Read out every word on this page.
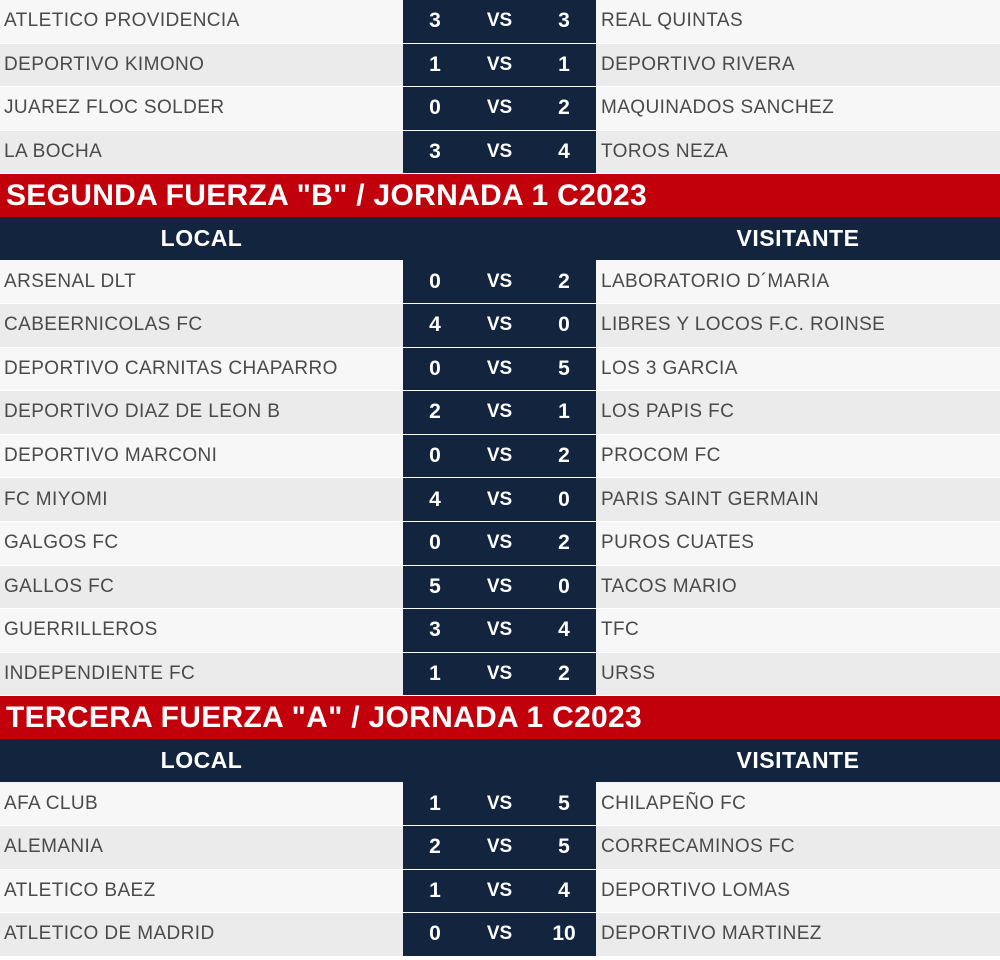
ATLETICO PROVIDENCIA	3	VS	3	REAL QUINTAS
DEPORTIVO KIMONO	1	VS	1	DEPORTIVO RIVERA
JUAREZ FLOC SOLDER	0	VS	2	MAQUINADOS SANCHEZ
LA BOCHA	3	VS	4	TOROS NEZA
SEGUNDA FUERZA "B" / JORNADA 1 C2023
LOCAL	VISITANTE
ARSENAL DLT	0	VS	2	LABORATORIO D´MARIA
CABEERNICOLAS FC	4	VS	0	LIBRES Y LOCOS F.C. ROINSE
DEPORTIVO CARNITAS CHAPARRO	0	VS	5	LOS 3 GARCIA
DEPORTIVO DIAZ DE LEON B	2	VS	1	LOS PAPIS FC
DEPORTIVO MARCONI	0	VS	2	PROCOM FC
FC MIYOMI	4	VS	0	PARIS SAINT GERMAIN
GALGOS FC	0	VS	2	PUROS CUATES
GALLOS FC	5	VS	0	TACOS MARIO
GUERRILLEROS	3	VS	4	TFC
INDEPENDIENTE FC	1	VS	2	URSS
TERCERA FUERZA "A" / JORNADA 1 C2023
LOCAL	VISITANTE
AFA CLUB	1	VS	5	CHILAPEÑO FC
ALEMANIA	2	VS	5	CORRECAMINOS FC
ATLETICO BAEZ	1	VS	4	DEPORTIVO LOMAS
ATLETICO DE MADRID	0	VS	10	DEPORTIVO MARTINEZ
